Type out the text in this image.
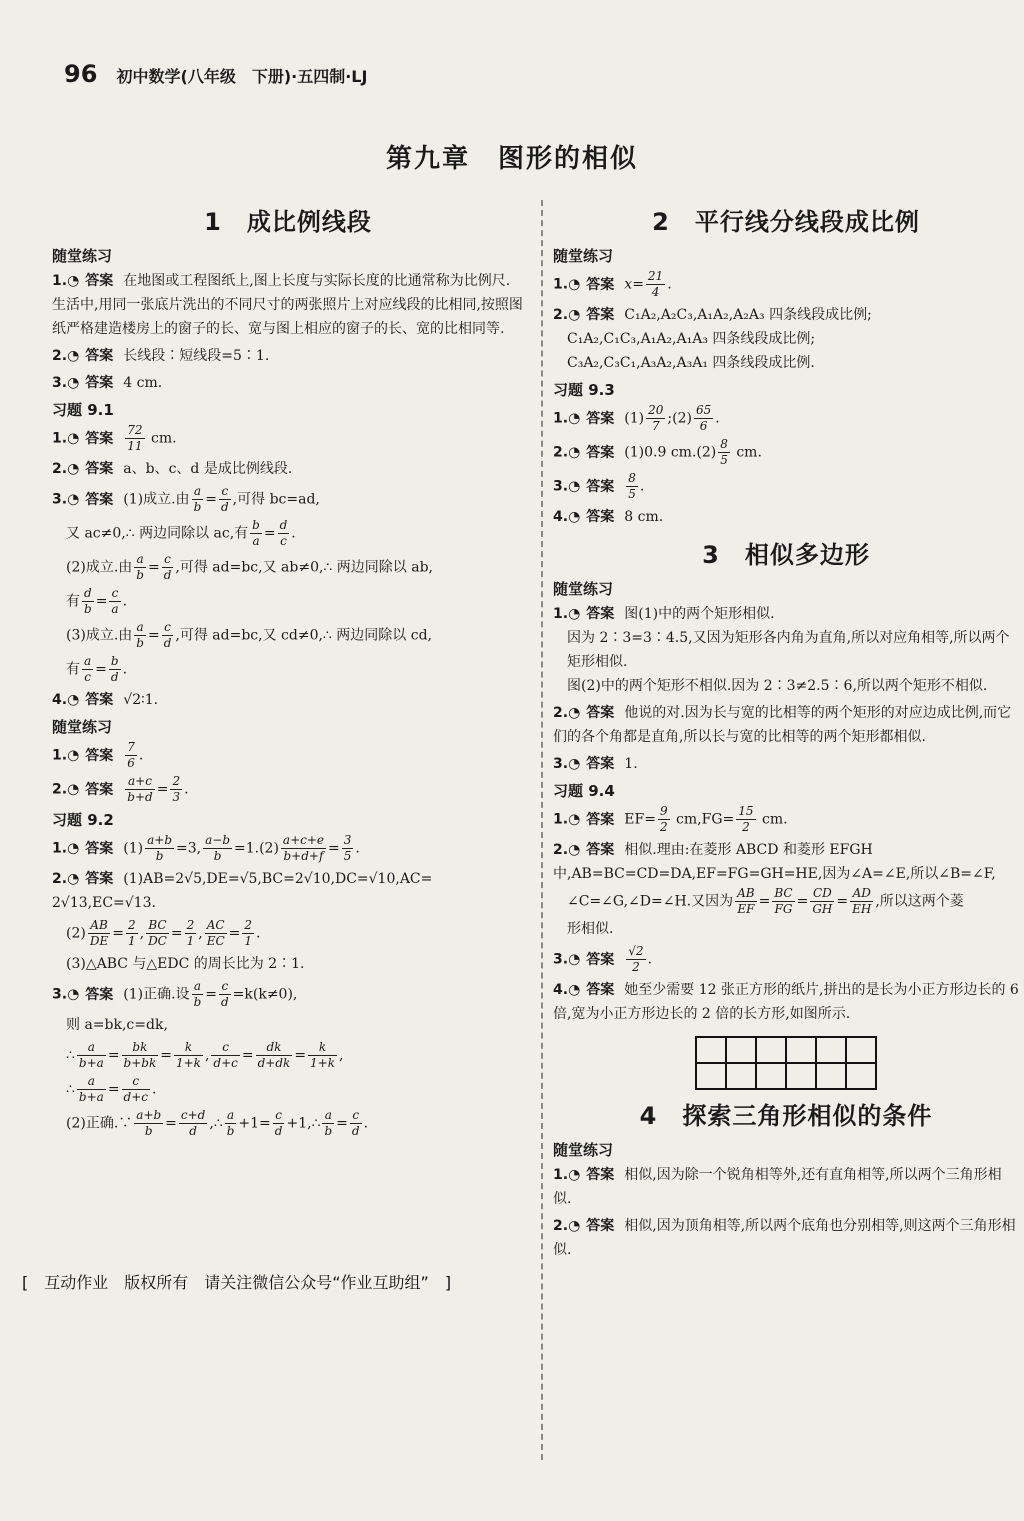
96 初中数学(八年级　下册)·五四制·LJ
第九章　图形的相似
1　成比例线段
随堂练习
1.◔ 答案 在地图或工程图纸上,图上长度与实际长度的比通常称为比例尺.
生活中,用同一张底片洗出的不同尺寸的两张照片上对应线段的比相同,按照图纸严格建造楼房上的窗子的长、宽与图上相应的窗子的长、宽的比相同等.
2.◔ 答案 长线段∶短线段=5∶1.
3.◔ 答案 4 cm.
习题 9.1
1.◔ 答案 $\frac{72}{11}$ cm.
2.◔ 答案 a、b、c、d 是成比例线段.
3.◔ 答案 (1)成立.由 $\frac{a}{b} = \frac{c}{d}$ ,可得 bc=ad,
又 ac≠0,∴ 两边同除以 ac,有 $\frac{b}{a} = \frac{d}{c}$ .
(2)成立.由 $\frac{a}{b} = \frac{c}{d}$ ,可得 ad=bc,又 ab≠0,∴ 两边同除以 ab,
有 $\frac{d}{b} = \frac{c}{a}$ .
(3)成立.由 $\frac{a}{b} = \frac{c}{d}$ ,可得 ad=bc,又 cd≠0,∴ 两边同除以 cd,
有 $\frac{a}{c} = \frac{b}{d}$ .
4.◔ 答案 √2∶1.
随堂练习
1.◔ 答案 $\frac{7}{6}$ .
2.◔ 答案 $\frac{a+c}{b+d} = \frac{2}{3}$ .
习题 9.2
1.◔ 答案 $(1) \frac{a+b}{b} =3$, $\frac{a-b}{b} =1.(2) \frac{a+c+e}{b+d+f} = \frac{3}{5}$ .
2.◔ 答案 (1)AB=2√5,DE=√5,BC=2√10,DC=√10,AC=
2√13,EC=√13.
$(2) \frac{AB}{DE} = \frac{2}{1}$ , $\frac{BC}{DC} = \frac{2}{1}$ , $\frac{AC}{EC} = \frac{2}{1}$ .
(3)△ABC 与△EDC 的周长比为 2∶1.
3.◔ 答案 (1)正确.设 $\frac{a}{b} = \frac{c}{d} =k(k\ne 0)$,
则 a=bk,c=dk,
∴ $\frac{a}{b+a} = \frac{bk}{b+bk} = \frac{k}{1+k}$ , $\frac{c}{d+c} = \frac{dk}{d+dk} = \frac{k}{1+k}$ ,
∴ $\frac{a}{b+a} = \frac{c}{d+c}$ .
(2)正确.∵ $\frac{a+b}{b} = \frac{c+d}{d}$ ,∴ $\frac{a}{b} +1= \frac{c}{d}$ +1,∴ $\frac{a}{b} = \frac{c}{d}$ .
2　平行线分线段成比例
随堂练习
1.◔ 答案 $x= \frac{21}{4}$ .
2.◔ 答案 C₁A₂,A₂C₃,A₁A₂,A₂A₃ 四条线段成比例;
C₁A₂,C₁C₃,A₁A₂,A₁A₃ 四条线段成比例;
C₃A₂,C₃C₁,A₃A₂,A₃A₁ 四条线段成比例.
习题 9.3
1.◔ 答案 $(1) \frac{20}{7}$ ;(2) $\frac{65}{6}$ .
2.◔ 答案 (1)0.9 $cm.(2) \frac{8}{5}$ cm.
3.◔ 答案 $\frac{8}{5}$ .
4.◔ 答案 8 cm.
3　相似多边形
随堂练习
1.◔ 答案 图(1)中的两个矩形相似.
因为 2∶3=3∶4.5,又因为矩形各内角为直角,所以对应角相等,所以两个矩形相似.
图(2)中的两个矩形不相似.因为 2∶3≠2.5∶6,所以两个矩形不相似.
2.◔ 答案 他说的对.因为长与宽的比相等的两个矩形的对应边成比例,而它们的各个角都是直角,所以长与宽的比相等的两个矩形都相似.
3.◔ 答案 1.
习题 9.4
1.◔ 答案 $EF= \frac{9}{2} cm,FG= \frac{15}{2}$ cm.
2.◔ 答案 相似.理由:在菱形 ABCD 和菱形 EFGH 中,AB=BC=CD=DA,EF=FG=GH=HE,因为∠A=∠E,所以∠B=∠F,
∠C=∠G,∠D=∠H.又因为 $\frac{AB}{EF} = \frac{BC}{FG} = \frac{CD}{GH} = \frac{AD}{EH}$ ,所以这两个菱
形相似.
3.◔ 答案 $\frac{√2}{2}$ .
4.◔ 答案 她至少需要 12 张正方形的纸片,拼出的是长为小正方形边长的 6 倍,宽为小正方形边长的 2 倍的长方形,如图所示.
4　探索三角形相似的条件
随堂练习
1.◔ 答案 相似,因为除一个锐角相等外,还有直角相等,所以两个三角形相似.
2.◔ 答案 相似,因为顶角相等,所以两个底角也分别相等,则这两个三角形相似.
[　互动作业　版权所有　请关注微信公众号“作业互助组”　]
